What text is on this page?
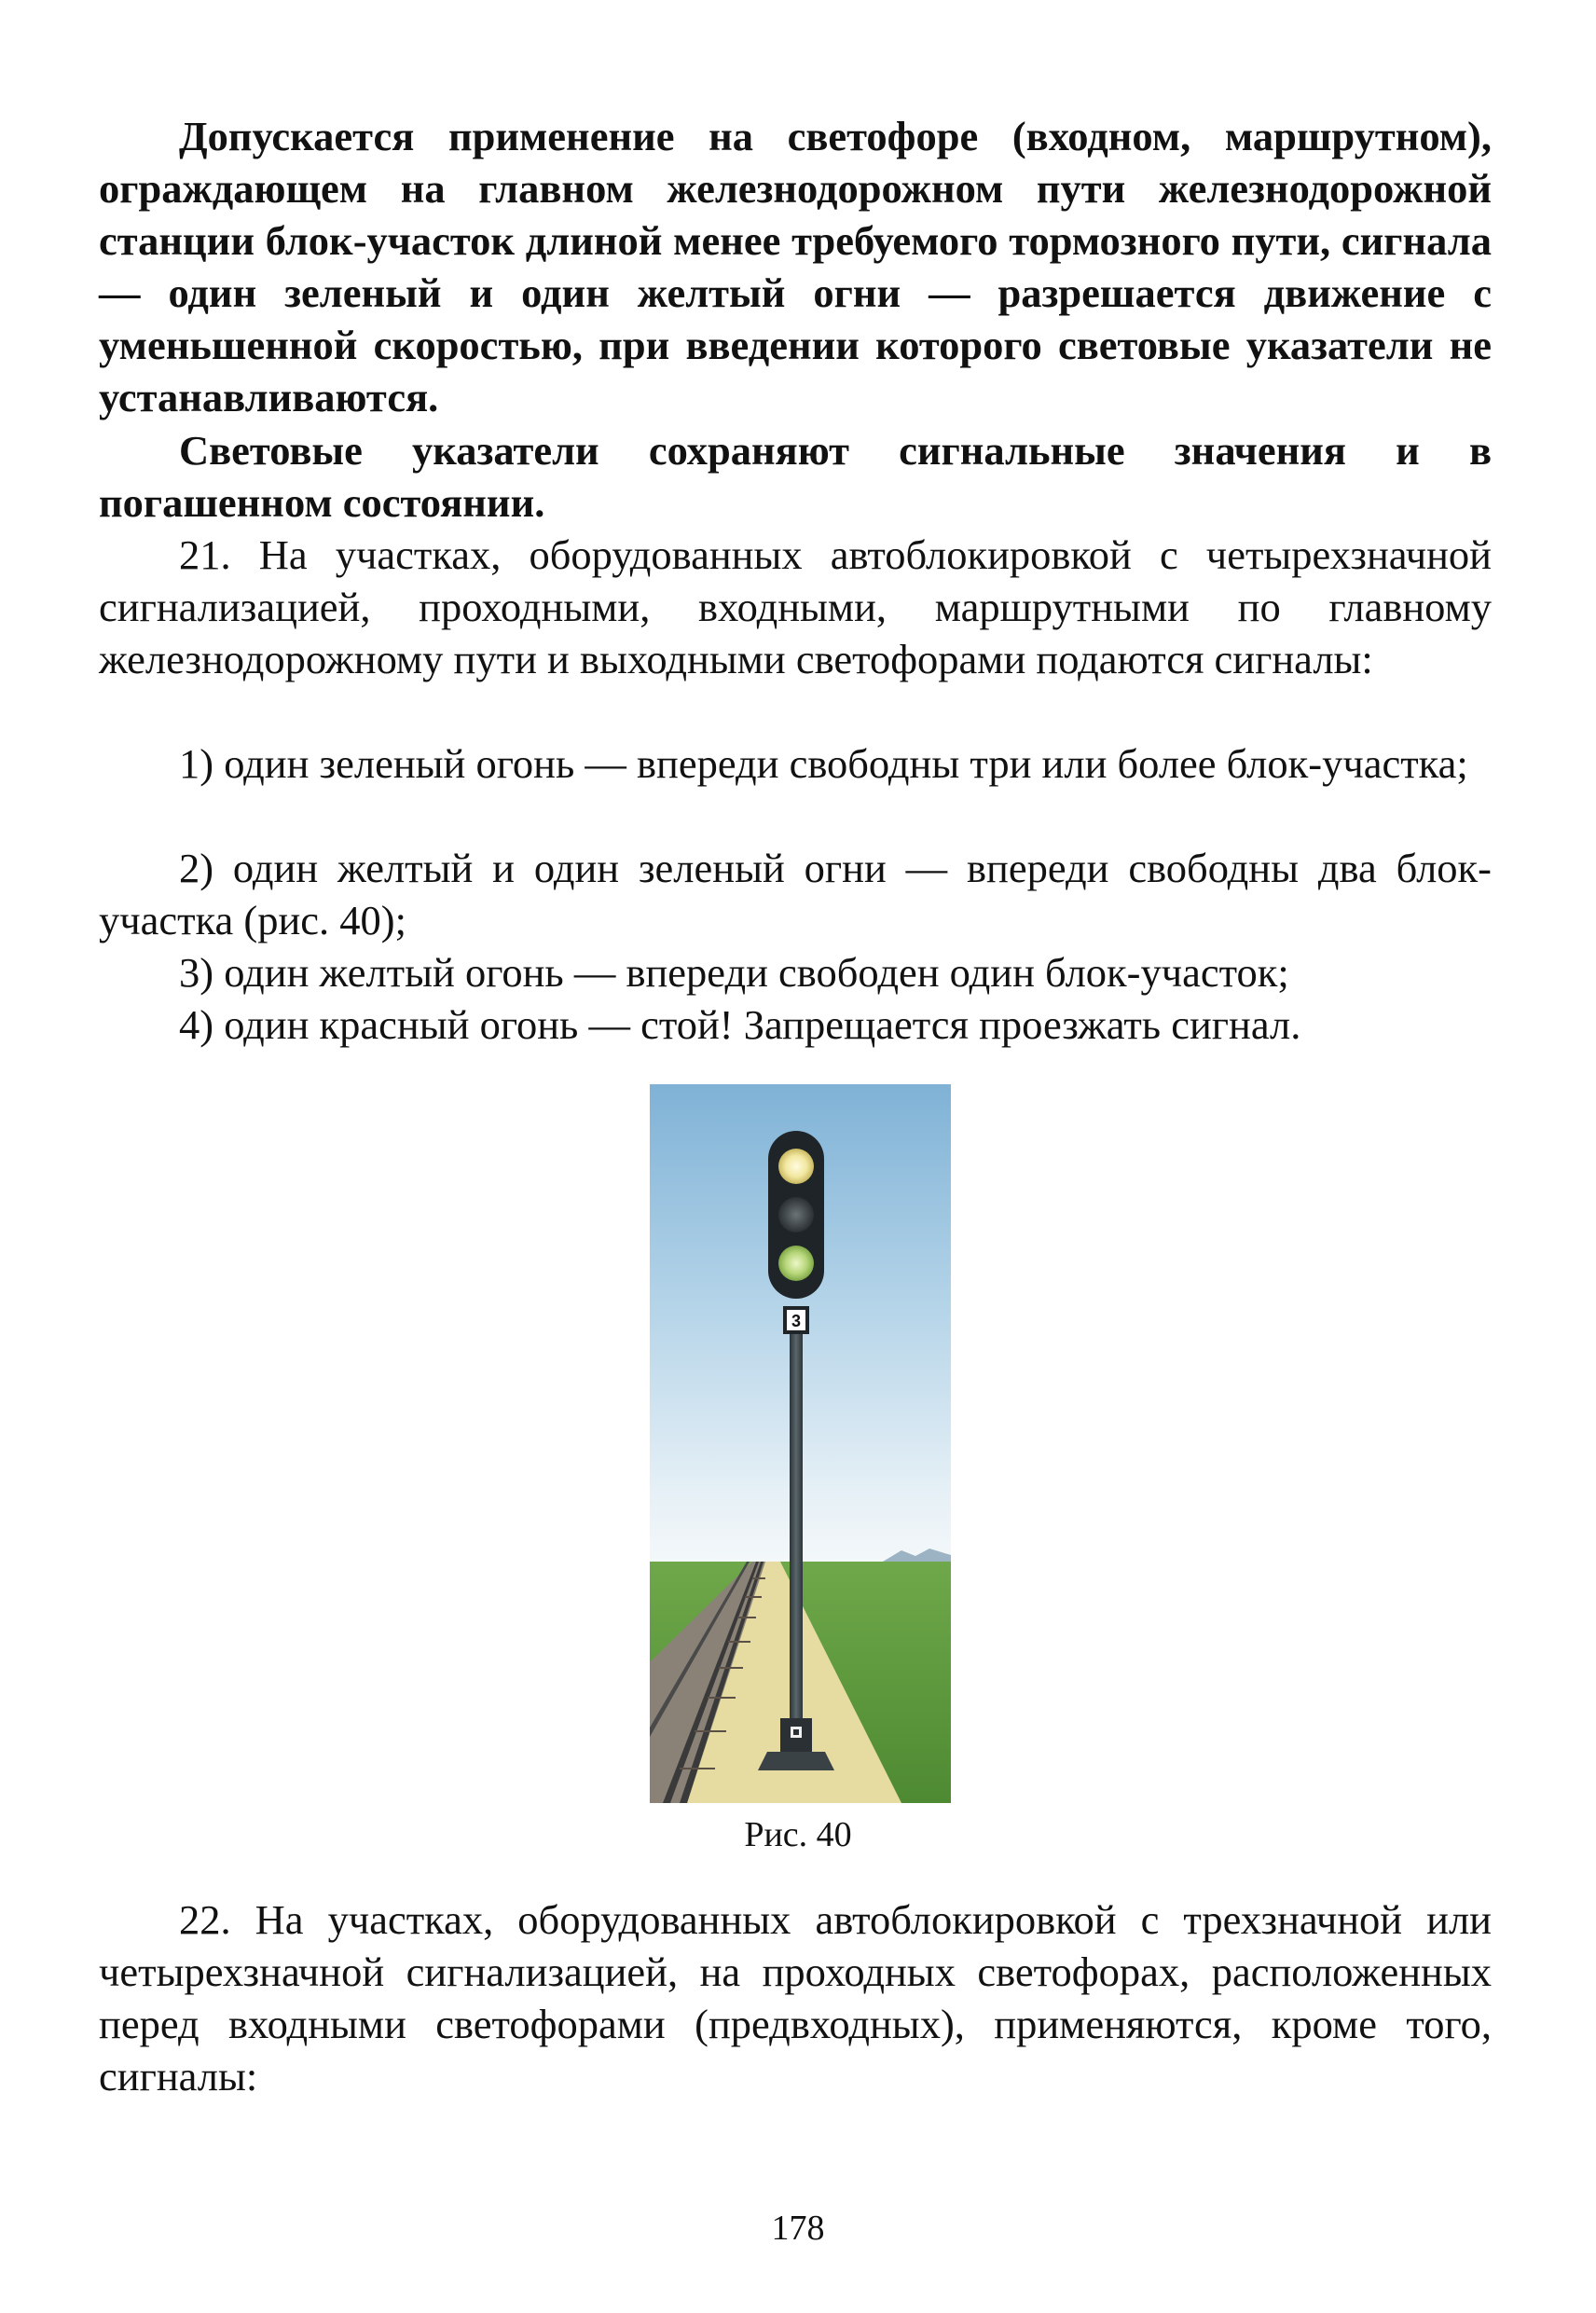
Допускается применение на светофоре (входном, маршрутном), ограждающем на главном железнодорожном пути железнодорожной станции блок-участок длиной менее требуемого тормозного пути, сигнала — один зеленый и один желтый огни — разрешается движение с уменьшенной скоростью, при введении которого световые указатели не устанавливаются.

Световые указатели сохраняют сигнальные значения и в погашенном состоянии.

21. На участках, оборудованных автоблокировкой с четырехзначной сигнализацией, проходными, входными, маршрутными по главному железнодорожному пути и выходными светофорами подаются сигналы:

1) один зеленый огонь — впереди свободны три или более блок-участка;

2) один желтый и один зеленый огни — впереди свободны два блок-участка (рис. 40);

3) один желтый огонь — впереди свободен один блок-участок;

4) один красный огонь — стой! Запрещается проезжать сигнал.

3

Рис. 40

22. На участках, оборудованных автоблокировкой с трехзначной или четырехзначной сигнализацией, на проходных светофорах, расположенных перед входными светофорами (предвходных), применяются, кроме того, сигналы:

178
